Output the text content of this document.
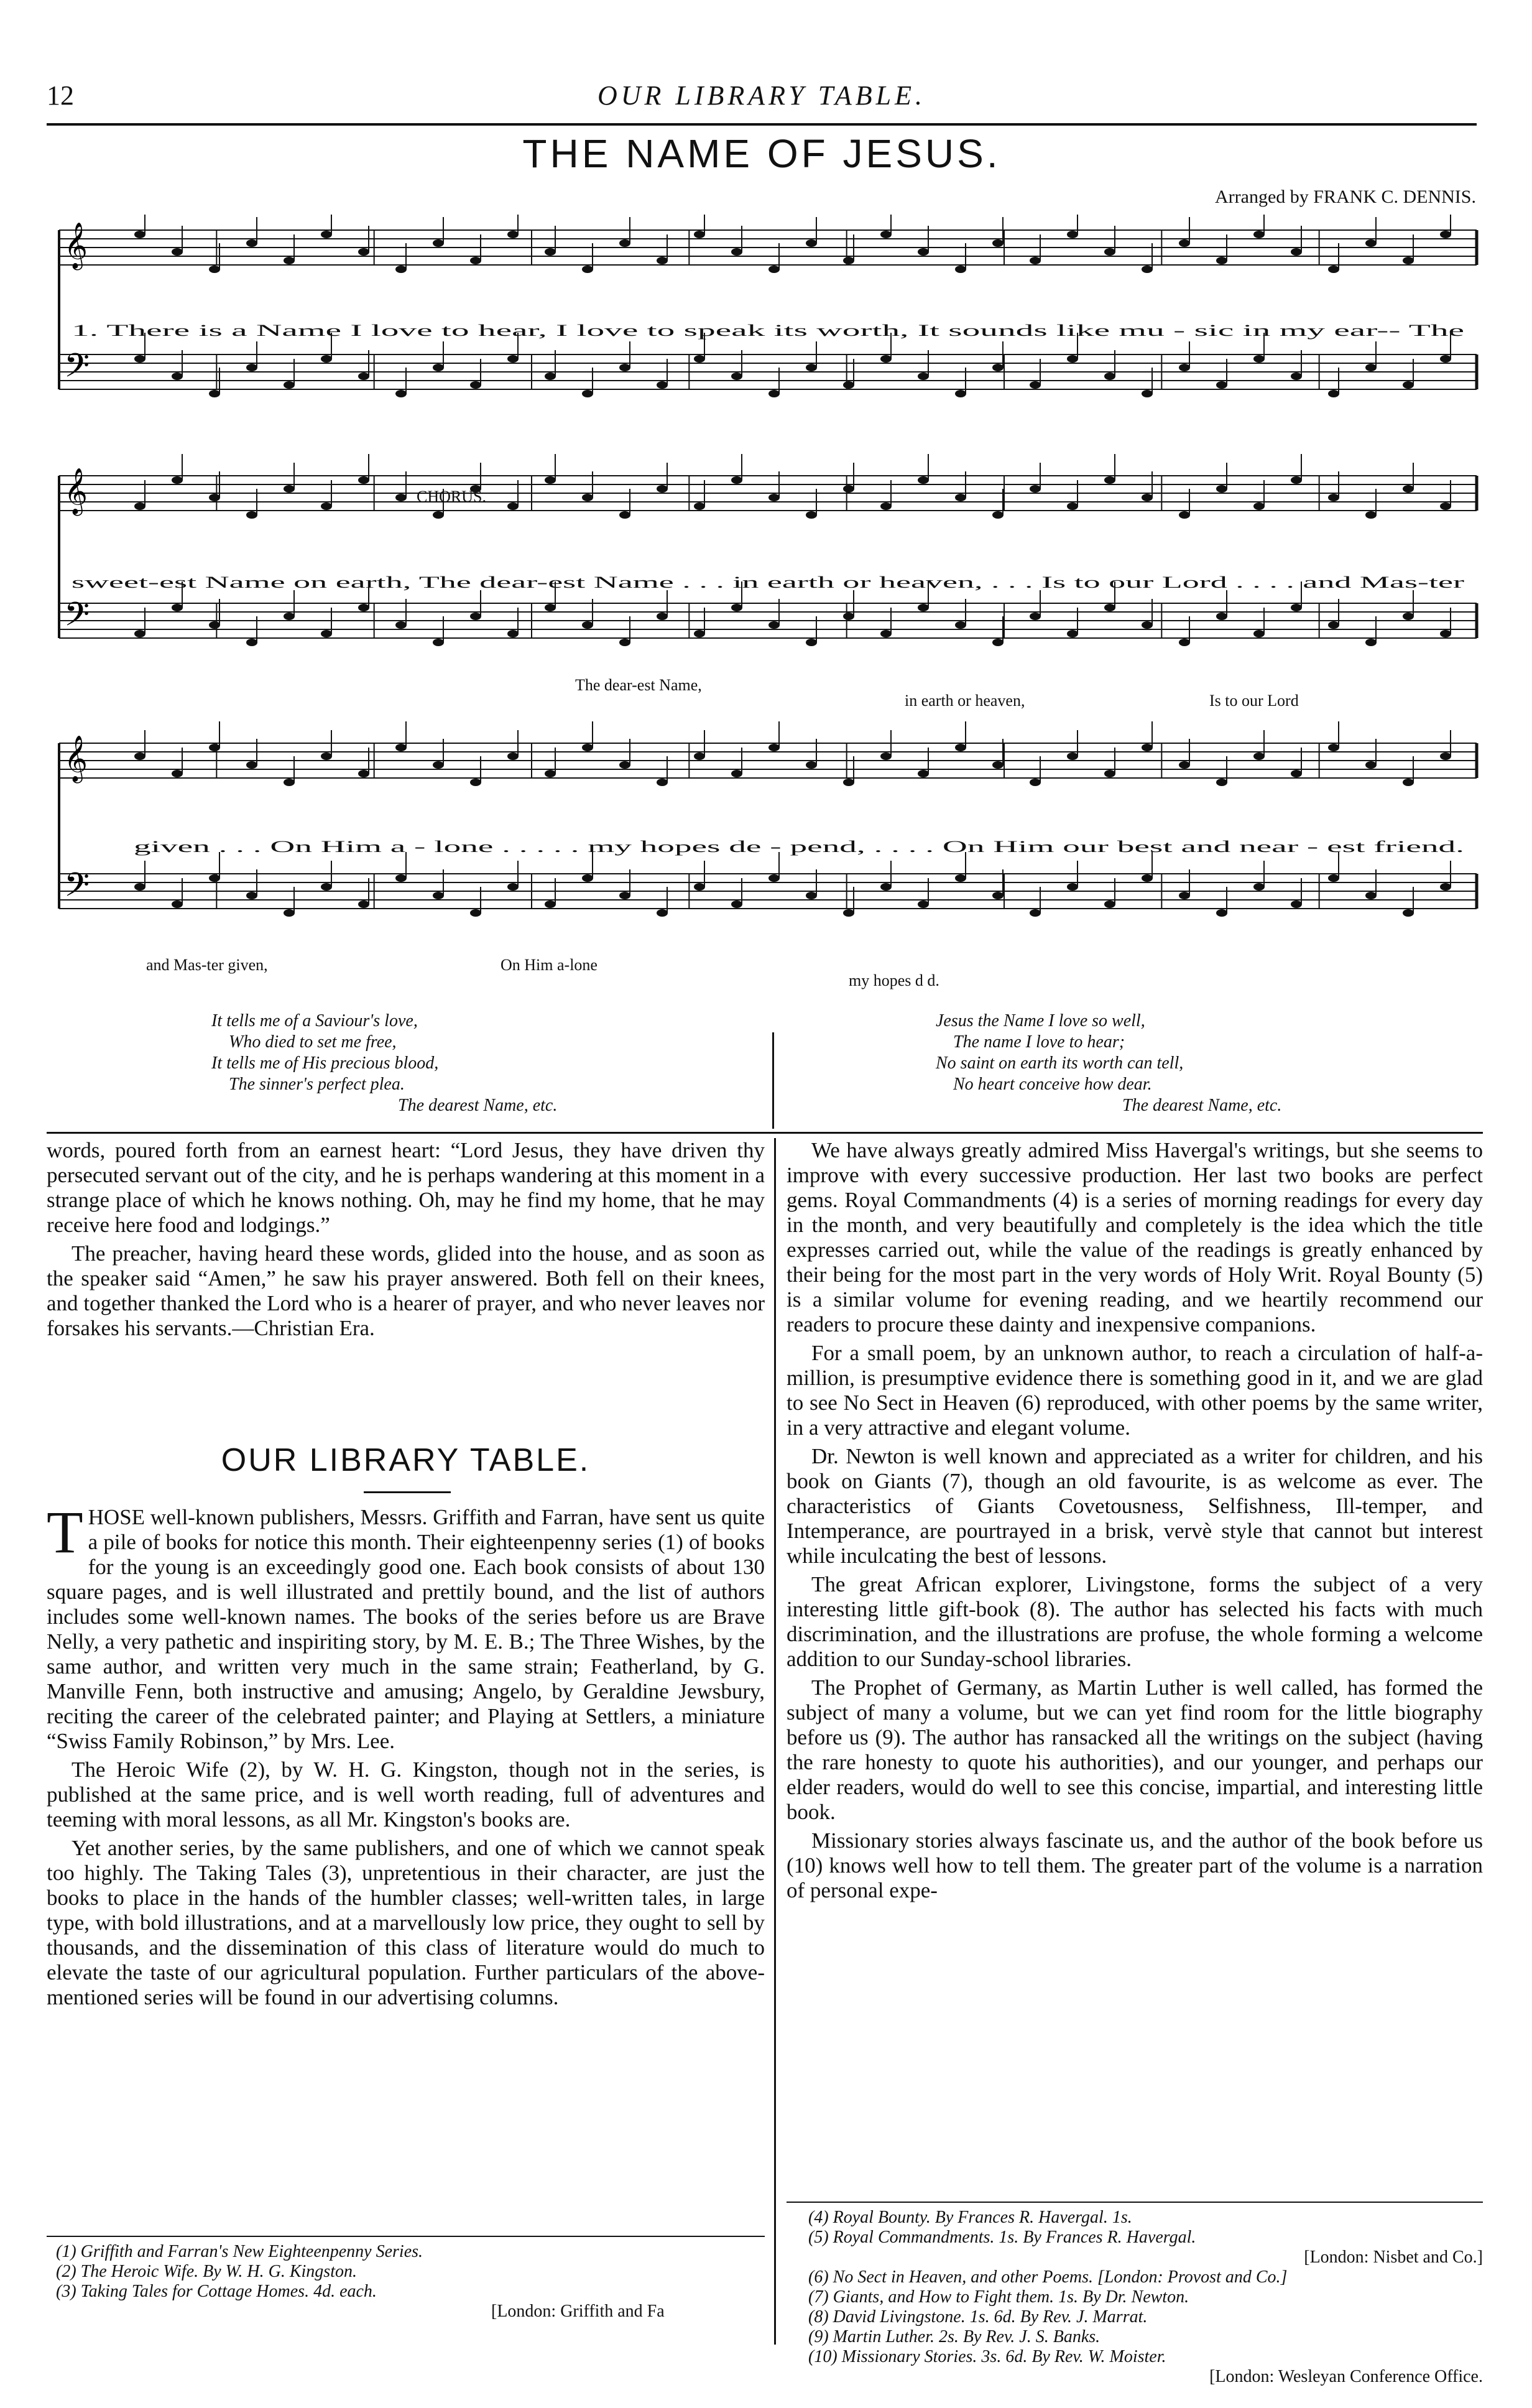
12	OUR LIBRARY TABLE.
THE NAME OF JESUS.
Arranged by FRANK C. DENNIS.
𝄞
𝄢
𝄞
𝄢
𝄞
𝄢
1. There is a Name I love to hear, I love to speak its worth, It sounds like mu - sic in my ear-- The
CHORUS.
sweet-est Name on earth, The dear-est Name . . . in earth or heaven, . . . Is to our Lord . . . . and Mas-ter
The dear-est Name,
in earth or heaven,	Is to our Lord
given . . . On Him a - lone . . . . . my hopes de - pend, . . . . On Him our best and near - est friend.
and Mas-ter given,	On Him a-lone
my hopes d d.
It tells me of a Saviour's love,
Who died to set me free,
It tells me of His precious blood,
The sinner's perfect plea.
The dearest Name, etc.
Jesus the Name I love so well,
The name I love to hear;
No saint on earth its worth can tell,
No heart conceive how dear.
The dearest Name, etc.

words, poured forth from an earnest heart: “Lord Jesus, they have driven thy persecuted servant out of the city, and he is perhaps wandering at this moment in a strange place of which he knows nothing. Oh, may he find my home, that he may receive here food and lodgings.”

The preacher, having heard these words, glided into the house, and as soon as the speaker said “Amen,” he saw his prayer answered. Both fell on their knees, and together thanked the Lord who is a hearer of prayer, and who never leaves nor forsakes his servants.—Christian Era.

OUR LIBRARY TABLE.

THOSE well-known publishers, Messrs. Griffith and Farran, have sent us quite a pile of books for notice this month. Their eighteenpenny series (1) of books for the young is an exceedingly good one. Each book consists of about 130 square pages, and is well illustrated and prettily bound, and the list of authors includes some well-known names. The books of the series before us are Brave Nelly, a very pathetic and inspiriting story, by M. E. B.; The Three Wishes, by the same author, and written very much in the same strain; Featherland, by G. Manville Fenn, both instructive and amusing; Angelo, by Geraldine Jewsbury, reciting the career of the celebrated painter; and Playing at Settlers, a miniature “Swiss Family Robinson,” by Mrs. Lee.

The Heroic Wife (2), by W. H. G. Kingston, though not in the series, is published at the same price, and is well worth reading, full of adventures and teeming with moral lessons, as all Mr. Kingston's books are.

Yet another series, by the same publishers, and one of which we cannot speak too highly. The Taking Tales (3), unpretentious in their character, are just the books to place in the hands of the humbler classes; well-written tales, in large type, with bold illustrations, and at a marvellously low price, they ought to sell by thousands, and the dissemination of this class of literature would do much to elevate the taste of our agricultural population. Further particulars of the above-mentioned series will be found in our advertising columns.

(1) Griffith and Farran's New Eighteenpenny Series.
(2) The Heroic Wife. By W. H. G. Kingston.
(3) Taking Tales for Cottage Homes. 4d. each.
[London: Griffith and Fa

We have always greatly admired Miss Havergal's writings, but she seems to improve with every successive production. Her last two books are perfect gems. Royal Commandments (4) is a series of morning readings for every day in the month, and very beautifully and completely is the idea which the title expresses carried out, while the value of the readings is greatly enhanced by their being for the most part in the very words of Holy Writ. Royal Bounty (5) is a similar volume for evening reading, and we heartily recommend our readers to procure these dainty and inexpensive companions.

For a small poem, by an unknown author, to reach a circulation of half-a-million, is presumptive evidence there is something good in it, and we are glad to see No Sect in Heaven (6) reproduced, with other poems by the same writer, in a very attractive and elegant volume.

Dr. Newton is well known and appreciated as a writer for children, and his book on Giants (7), though an old favourite, is as welcome as ever. The characteristics of Giants Covetousness, Selfishness, Ill-temper, and Intemperance, are pourtrayed in a brisk, vervè style that cannot but interest while inculcating the best of lessons.

The great African explorer, Livingstone, forms the subject of a very interesting little gift-book (8). The author has selected his facts with much discrimination, and the illustrations are profuse, the whole forming a welcome addition to our Sunday-school libraries.

The Prophet of Germany, as Martin Luther is well called, has formed the subject of many a volume, but we can yet find room for the little biography before us (9). The author has ransacked all the writings on the subject (having the rare honesty to quote his authorities), and our younger, and perhaps our elder readers, would do well to see this concise, impartial, and interesting little book.

Missionary stories always fascinate us, and the author of the book before us (10) knows well how to tell them. The greater part of the volume is a narration of personal expe-

(4) Royal Bounty. By Frances R. Havergal. 1s.
(5) Royal Commandments. 1s. By Frances R. Havergal.
[London: Nisbet and Co.]
(6) No Sect in Heaven, and other Poems. [London: Provost and Co.]
(7) Giants, and How to Fight them. 1s. By Dr. Newton.
(8) David Livingstone. 1s. 6d. By Rev. J. Marrat.
(9) Martin Luther. 2s. By Rev. J. S. Banks.
(10) Missionary Stories. 3s. 6d. By Rev. W. Moister.
[London: Wesleyan Conference Office.
